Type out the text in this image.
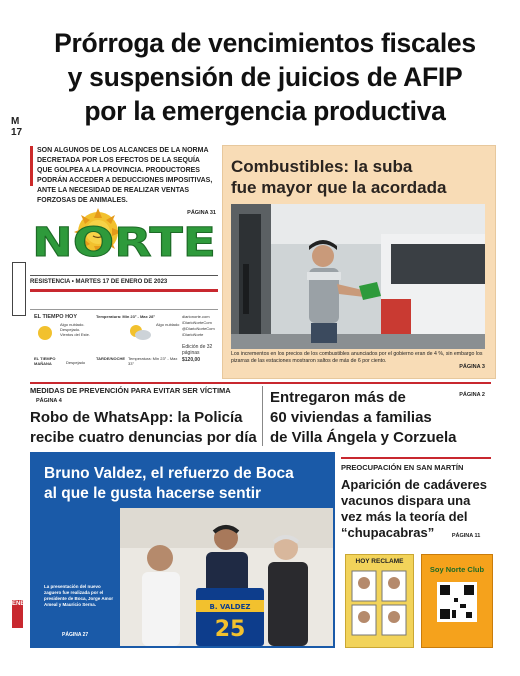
Prórroga de vencimientos fiscales
y suspensión de juicios de AFIP
por la emergencia productiva
M
17

SON ALGUNOS DE LOS ALCANCES DE LA NORMA DECRETADA POR LOS EFECTOS DE LA SEQUÍA QUE GOLPEA A LA PROVINCIA. PRODUCTORES PODRÁN ACCEDER A DEDUCCIONES IMPOSITIVAS, ANTE LA NECESIDAD DE REALIZAR VENTAS FORZOSAS DE ANIMALES.

PÁGINA 31
Combustibles: la suba
fue mayor que la acordada
Los incrementos en los precios de los combustibles anunciados por el gobierno eran de 4 %, sin embargo los pizarras de las estaciones mostraron saltos de más de 6 por ciento.
PÁGINA 3
NORTE
RESISTENCIA • MARTES 17 DE ENERO DE 2023
EL TIEMPO HOY
Algo nublado. Despejado. Vientos del Este.
Temperatura: Min 23° - Max 28°
Algo nublado
EL TIEMPO MAÑANA	Despejado
TARDE/NOCHE Temperatura: Min 23° - Max 33°
diarionorte.com
/DiarioNorteCom
@DiarioNorteCom
/DiarioNorte
Edición de 32 páginas
$120,00
MEDIDAS DE PREVENCIÓN PARA EVITAR SER VÍCTIMA PÁGINA 4
Robo de WhatsApp: la Policía
recibe cuatro denuncias por día
PÁGINA 2
Entregaron más de
60 viviendas a familias
de Villa Ángela y Corzuela
Bruno Valdez, el refuerzo de Boca
al que le gusta hacerse sentir
B. VALDEZ
25
La presentación del nuevo zaguero fue realizada por el presidente de Boca, Jorge Amor Ameal y Mauricio Serna.
PÁGINA 27
PREOCUPACIÓN EN SAN MARTÍN
Aparición de cadáveres
vacunos dispara una
vez más la teoría del
“chupacabras”	PÁGINA 11
HOY RECLAME
Soy Norte Club
ENE
